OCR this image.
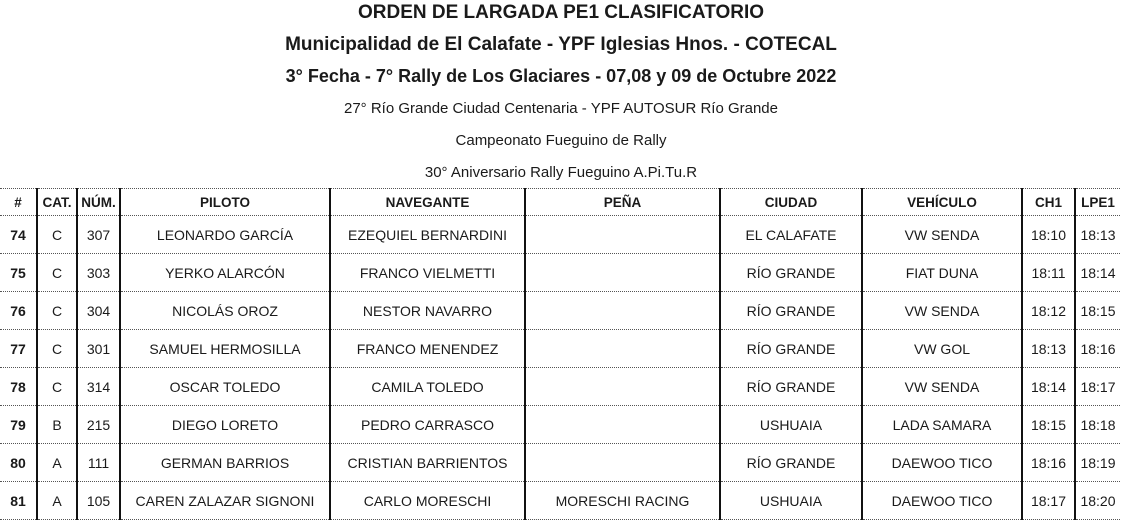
ORDEN DE LARGADA PE1 CLASIFICATORIO
Municipalidad de El Calafate - YPF Iglesias Hnos. - COTECAL
3° Fecha - 7° Rally de Los Glaciares - 07,08 y 09 de Octubre 2022
27° Río Grande Ciudad Centenaria - YPF AUTOSUR Río Grande
Campeonato Fueguino de Rally
30° Aniversario Rally Fueguino A.Pi.Tu.R
#	CAT.	NÚM.	PILOTO	NAVEGANTE	PEÑA	CIUDAD	VEHÍCULO	CH1	LPE1
74	C	307	LEONARDO GARCÍA	EZEQUIEL BERNARDINI		EL CALAFATE	VW SENDA	18:10	18:13
75	C	303	YERKO ALARCÓN	FRANCO VIELMETTI		RÍO GRANDE	FIAT DUNA	18:11	18:14
76	C	304	NICOLÁS OROZ	NESTOR NAVARRO		RÍO GRANDE	VW SENDA	18:12	18:15
77	C	301	SAMUEL HERMOSILLA	FRANCO MENENDEZ		RÍO GRANDE	VW GOL	18:13	18:16
78	C	314	OSCAR TOLEDO	CAMILA TOLEDO		RÍO GRANDE	VW SENDA	18:14	18:17
79	B	215	DIEGO LORETO	PEDRO CARRASCO		USHUAIA	LADA SAMARA	18:15	18:18
80	A	111	GERMAN BARRIOS	CRISTIAN BARRIENTOS		RÍO GRANDE	DAEWOO TICO	18:16	18:19
81	A	105	CAREN ZALAZAR SIGNONI	CARLO MORESCHI	MORESCHI RACING	USHUAIA	DAEWOO TICO	18:17	18:20
